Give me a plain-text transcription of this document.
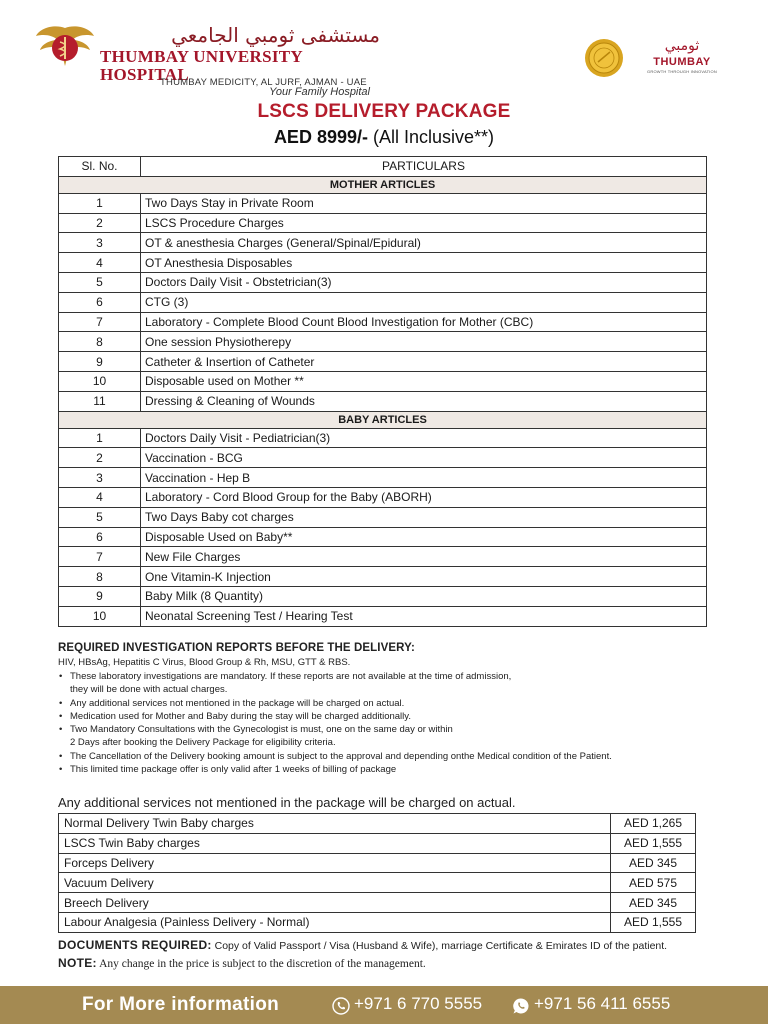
مستشفى ثومبي الجامعي
THUMBAY UNIVERSITY HOSPITAL
Your Family Hospital
THUMBAY MEDICITY, AL JURF, AJMAN - UAE
ثومبي
THUMBAY
GROWTH THROUGH INNOVATION
LSCS DELIVERY PACKAGE
AED 8999/- (All Inclusive**)
Sl. No.	PARTICULARS
MOTHER ARTICLES	
1	Two Days Stay in Private Room
2	LSCS Procedure Charges
3	OT & anesthesia Charges (General/Spinal/Epidural)
4	OT Anesthesia Disposables
5	Doctors Daily Visit - Obstetrician(3)
6	CTG (3)
7	Laboratory - Complete Blood Count Blood Investigation for Mother (CBC)
8	One session Physiotherepy
9	Catheter & Insertion of Catheter
10	Disposable used on Mother **
11	Dressing & Cleaning of Wounds
BABY ARTICLES	
1	Doctors Daily Visit - Pediatrician(3)
2	Vaccination - BCG
3	Vaccination - Hep B
4	Laboratory - Cord Blood Group for the Baby (ABORH)
5	Two Days Baby cot charges
6	Disposable Used on Baby**
7	New File Charges
8	One Vitamin-K Injection
9	Baby Milk (8 Quantity)
10	Neonatal Screening Test / Hearing Test
REQUIRED INVESTIGATION REPORTS BEFORE THE DELIVERY:
HIV, HBsAg, Hepatitis C Virus, Blood Group & Rh, MSU, GTT & RBS.
• These laboratory investigations are mandatory. If these reports are not available at the time of admission,
they will be done with actual charges.
• Any additional services not mentioned in the package will be charged on actual.
• Medication used for Mother and Baby during the stay will be charged additionally.
• Two Mandatory Consultations with the Gynecologist is must, one on the same day or within
2 Days after booking the Delivery Package for eligibility criteria.
• The Cancellation of the Delivery booking amount is subject to the approval and depending onthe Medical condition of the Patient.
• This limited time package offer is only valid after 1 weeks of billing of package
Any additional services not mentioned in the package will be charged on actual.
Normal Delivery Twin Baby charges	AED 1,265
LSCS Twin Baby charges	AED 1,555
Forceps Delivery	AED 345
Vacuum Delivery	AED 575
Breech Delivery	AED 345
Labour Analgesia (Painless Delivery - Normal)	AED 1,555
DOCUMENTS REQUIRED: Copy of Valid Passport / Visa (Husband & Wife), marriage Certificate & Emirates ID of the patient.
NOTE: Any change in the price is subject to the discretion of the management.
For More information	+971 6 770 5555	+971 56 411 6555
